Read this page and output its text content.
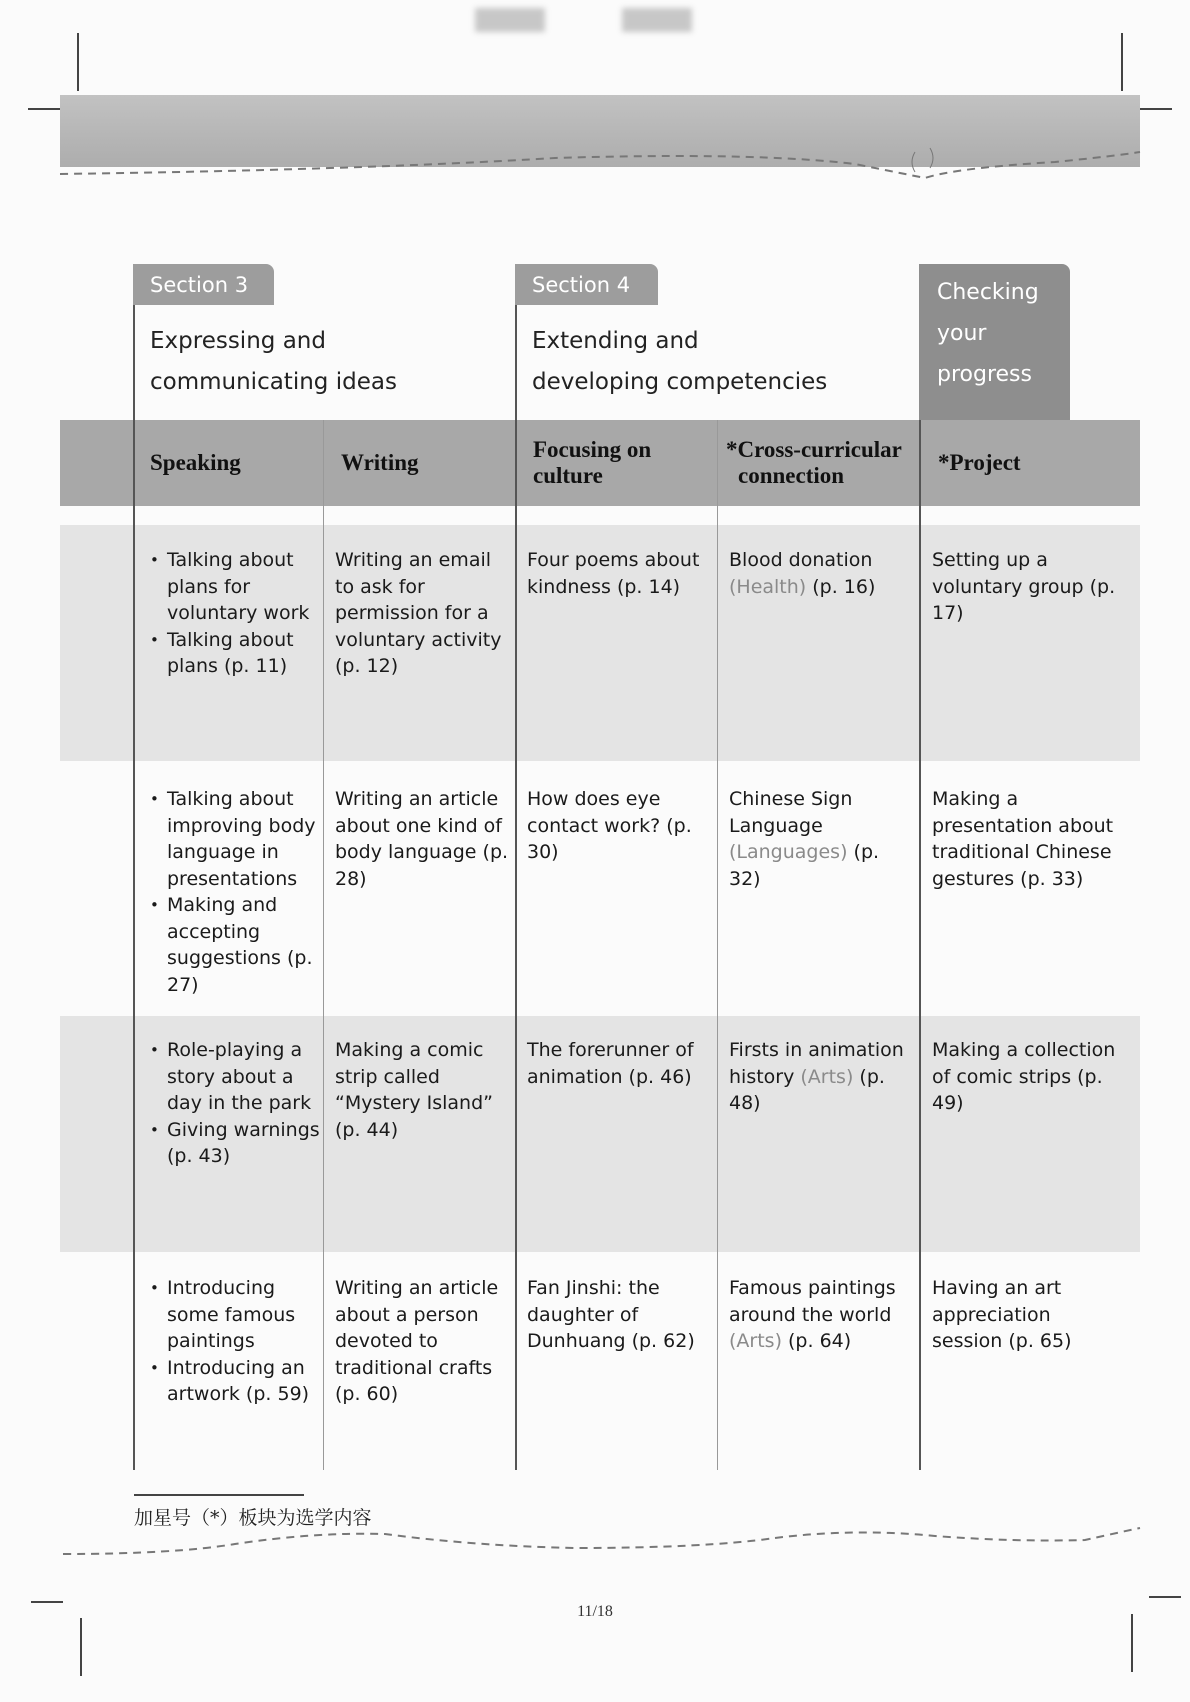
Section 3	Section 4
Expressing and
communicating ideas
Extending and
developing competencies
Checking
your
progress
Speaking	Writing
Focusing on
culture
*Cross-curricular
connection
*Project
• Talking about plans for voluntary work
• Talking about plans (p. 11)
Writing an email to ask for permission for a voluntary activity (p. 12)
Four poems about kindness (p. 14)
Setting up a voluntary group (p. 17)
Blood donation (Health) (p. 16)
• Talking about improving body language in presentations
• Making and accepting suggestions (p. 27)
Writing an article about one kind of body language (p. 28)
How does eye contact work? (p. 30)
Making a presentation about traditional Chinese gestures (p. 33)
Chinese Sign Language (Languages) (p. 32)
• Role-playing a story about a day in the park
• Giving warnings (p. 43)
Making a comic strip called “Mystery Island” (p. 44)
The forerunner of animation (p. 46)
Making a collection of comic strips (p. 49)
Firsts in animation history (Arts) (p. 48)
• Introducing some famous paintings
• Introducing an artwork (p. 59)
Writing an article about a person devoted to traditional crafts (p. 60)
Fan Jinshi: the daughter of Dunhuang (p. 62)
Having an art appreciation session (p. 65)
Famous paintings around the world (Arts) (p. 64)
加星号（*）板块为选学内容
11/18
